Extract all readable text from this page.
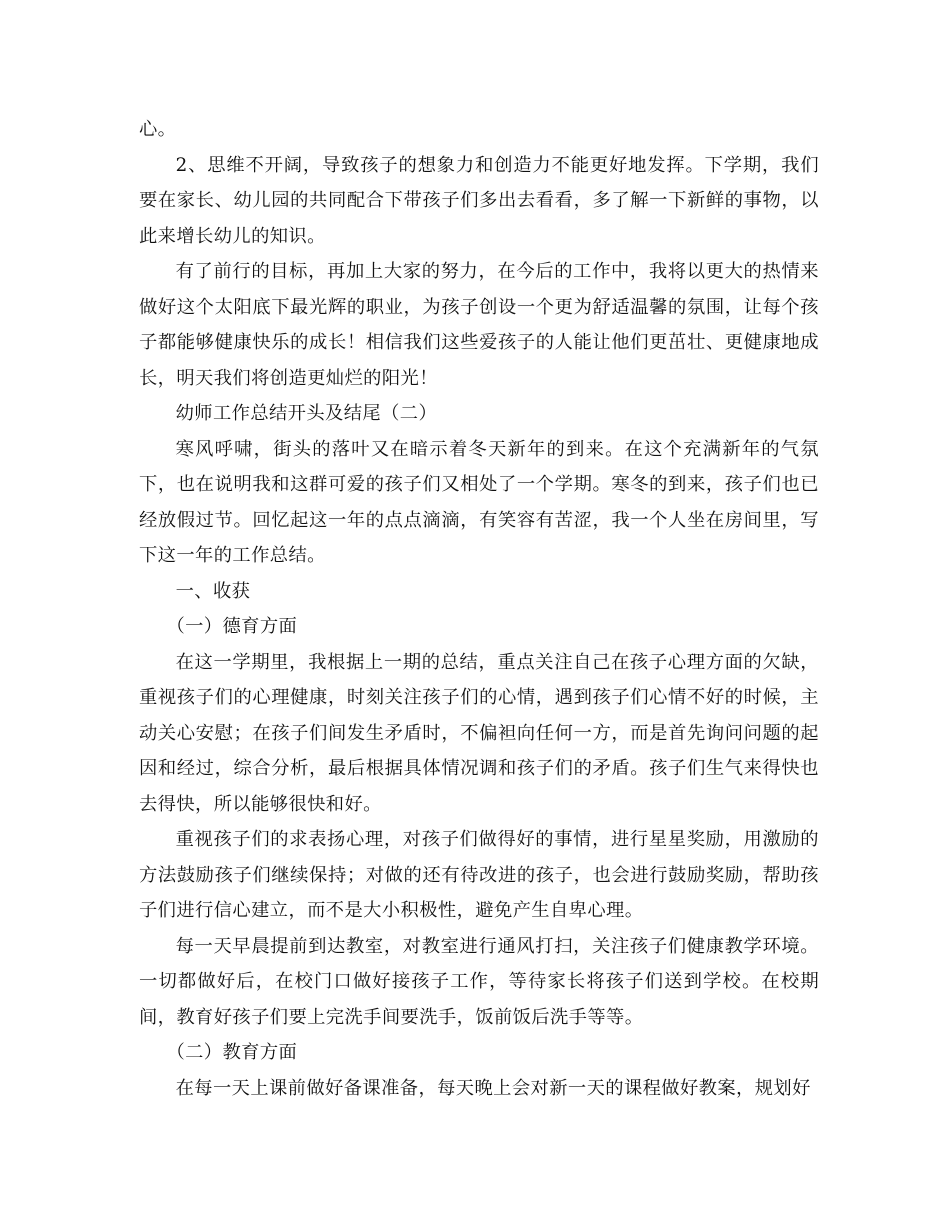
心。

2、思维不开阔，导致孩子的想象力和创造力不能更好地发挥。下学期，我们要在家长、幼儿园的共同配合下带孩子们多出去看看，多了解一下新鲜的事物，以此来增长幼儿的知识。

有了前行的目标，再加上大家的努力，在今后的工作中，我将以更大的热情来做好这个太阳底下最光辉的职业，为孩子创设一个更为舒适温馨的氛围，让每个孩子都能够健康快乐的成长！相信我们这些爱孩子的人能让他们更茁壮、更健康地成长，明天我们将创造更灿烂的阳光！

幼师工作总结开头及结尾（二）

寒风呼啸，街头的落叶又在暗示着冬天新年的到来。在这个充满新年的气氛下，也在说明我和这群可爱的孩子们又相处了一个学期。寒冬的到来，孩子们也已经放假过节。回忆起这一年的点点滴滴，有笑容有苦涩，我一个人坐在房间里，写下这一年的工作总结。

一、收获

（一）德育方面

在这一学期里，我根据上一期的总结，重点关注自己在孩子心理方面的欠缺，重视孩子们的心理健康，时刻关注孩子们的心情，遇到孩子们心情不好的时候，主动关心安慰；在孩子们间发生矛盾时，不偏袒向任何一方，而是首先询问问题的起因和经过，综合分析，最后根据具体情况调和孩子们的矛盾。孩子们生气来得快也去得快，所以能够很快和好。

重视孩子们的求表扬心理，对孩子们做得好的事情，进行星星奖励，用激励的方法鼓励孩子们继续保持；对做的还有待改进的孩子，也会进行鼓励奖励，帮助孩子们进行信心建立，而不是大小积极性，避免产生自卑心理。

每一天早晨提前到达教室，对教室进行通风打扫，关注孩子们健康教学环境。一切都做好后，在校门口做好接孩子工作，等待家长将孩子们送到学校。在校期间，教育好孩子们要上完洗手间要洗手，饭前饭后洗手等等。

（二）教育方面

在每一天上课前做好备课准备，每天晚上会对新一天的课程做好教案，规划好
